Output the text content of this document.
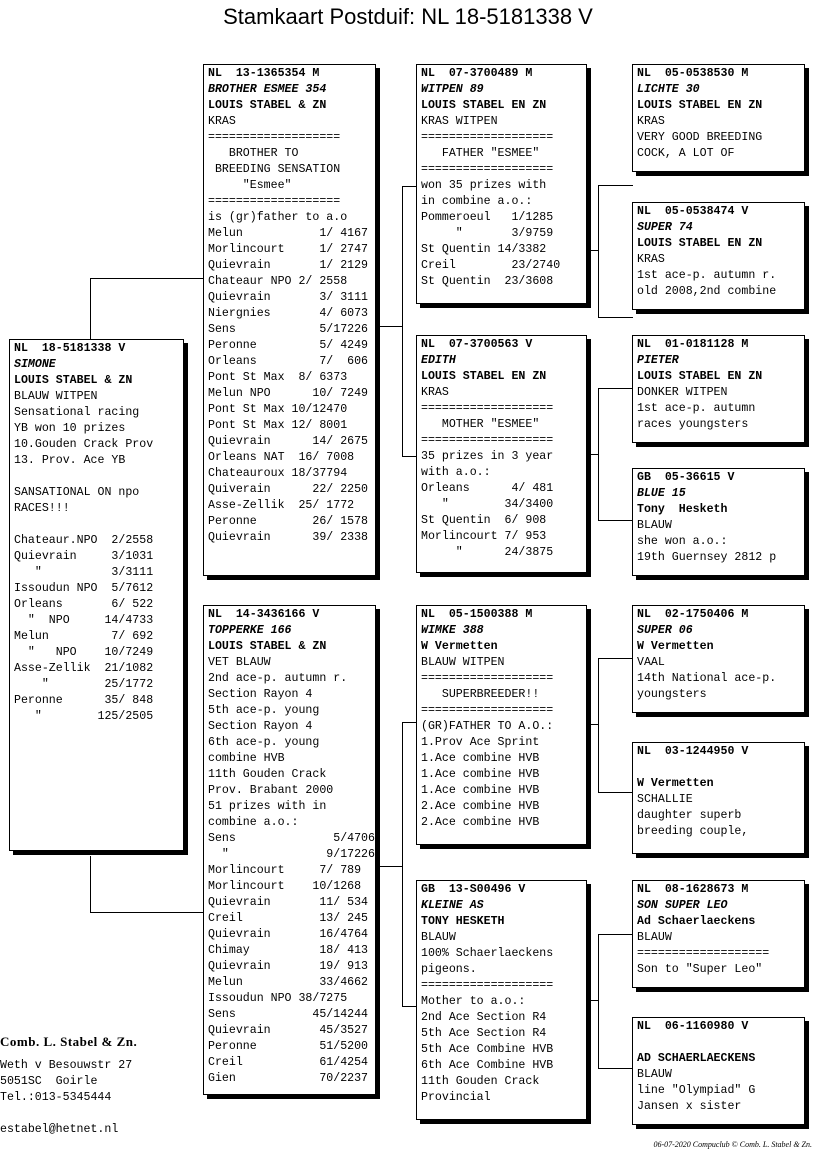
Stamkaart Postduif: NL 18-5181338 V
NL  18-5181338 V
SIMONE
LOUIS STABEL & ZN
BLAUW WITPEN
Sensational racing
YB won 10 prizes
10.Gouden Crack Prov
13. Prov. Ace YB
SANSATIONAL ON npo
RACES!!!
Chateaur.NPO  2/2558
Quievrain     3/1031
"          3/3111
Issoudun NPO  5/7612
Orleans       6/ 522
"  NPO     14/4733
Melun         7/ 692
"   NPO    10/7249
Asse-Zellik  21/1082
"        25/1772
Peronne      35/ 848
"        125/2505
NL  13-1365354 M
BROTHER ESMEE 354
LOUIS STABEL & ZN
KRAS
===================
BROTHER TO
BREEDING SENSATION
"Esmee"
===================
is (gr)father to a.o
Melun           1/ 4167
Morlincourt     1/ 2747
Quievrain       1/ 2129
Chateaur NPO 2/ 2558
Quievrain       3/ 3111
Niergnies       4/ 6073
Sens            5/17226
Peronne         5/ 4249
Orleans         7/  606
Pont St Max  8/ 6373
Melun NPO      10/ 7249
Pont St Max 10/12470
Pont St Max 12/ 8001
Quievrain      14/ 2675
Orleans NAT  16/ 7008
Chateauroux 18/37794
Quiverain      22/ 2250
Asse-Zellik  25/ 1772
Peronne        26/ 1578
Quievrain      39/ 2338
NL  14-3436166 V
TOPPERKE 166
LOUIS STABEL & ZN
VET BLAUW
2nd ace-p. autumn r.
Section Rayon 4
5th ace-p. young
Section Rayon 4
6th ace-p. young
combine HVB
11th Gouden Crack
Prov. Brabant 2000
51 prizes with in
combine a.o.:
Sens              5/4706
"              9/17226
Morlincourt     7/ 789
Morlincourt    10/1268
Quievrain       11/ 534
Creil           13/ 245
Quievrain       16/4764
Chimay          18/ 413
Quievrain       19/ 913
Melun           33/4662
Issoudun NPO 38/7275
Sens           45/14244
Quievrain       45/3527
Peronne         51/5200
Creil           61/4254
Gien            70/2237
NL  07-3700489 M
WITPEN 89
LOUIS STABEL EN ZN
KRAS WITPEN
===================
FATHER "ESMEE"
===================
won 35 prizes with
in combine a.o.:
Pommeroeul   1/1285
"       3/9759
St Quentin 14/3382
Creil        23/2740
St Quentin  23/3608
NL  07-3700563 V
EDITH
LOUIS STABEL EN ZN
KRAS
===================
MOTHER "ESMEE"
===================
35 prizes in 3 year
with a.o.:
Orleans      4/ 481
"        34/3400
St Quentin  6/ 908
Morlincourt 7/ 953
"      24/3875
NL  05-1500388 M
WIMKE 388
W Vermetten
BLAUW WITPEN
===================
SUPERBREEDER!!
===================
(GR)FATHER TO A.O.:
1.Prov Ace Sprint
1.Ace combine HVB
1.Ace combine HVB
1.Ace combine HVB
2.Ace combine HVB
2.Ace combine HVB
GB  13-S00496 V
KLEINE AS
TONY HESKETH
BLAUW
100% Schaerlaeckens
pigeons.
===================
Mother to a.o.:
2nd Ace Section R4
5th Ace Section R4
5th Ace Combine HVB
6th Ace Combine HVB
11th Gouden Crack
Provincial
NL  05-0538530 M
LICHTE 30
LOUIS STABEL EN ZN
KRAS
VERY GOOD BREEDING
COCK, A LOT OF
NL  05-0538474 V
SUPER 74
LOUIS STABEL EN ZN
KRAS
1st ace-p. autumn r.
old 2008,2nd combine
NL  01-0181128 M
PIETER
LOUIS STABEL EN ZN
DONKER WITPEN
1st ace-p. autumn
races youngsters
GB  05-36615 V
BLUE 15
Tony  Hesketh
BLAUW
she won a.o.:
19th Guernsey 2812 p
NL  02-1750406 M
SUPER 06
W Vermetten
VAAL
14th National ace-p.
youngsters
NL  03-1244950 V
W Vermetten
SCHALLIE
daughter superb
breeding couple,
NL  08-1628673 M
SON SUPER LEO
Ad Schaerlaeckens
BLAUW
===================
Son to "Super Leo"
NL  06-1160980 V
AD SCHAERLAECKENS
BLAUW
line "Olympiad" G
Jansen x sister
Comb. L. Stabel & Zn.
Weth v Besouwstr 27
5051SC  Goirle
Tel.:013-5345444
estabel@hetnet.nl
06-07-2020 Compuclub © Comb. L. Stabel & Zn.
